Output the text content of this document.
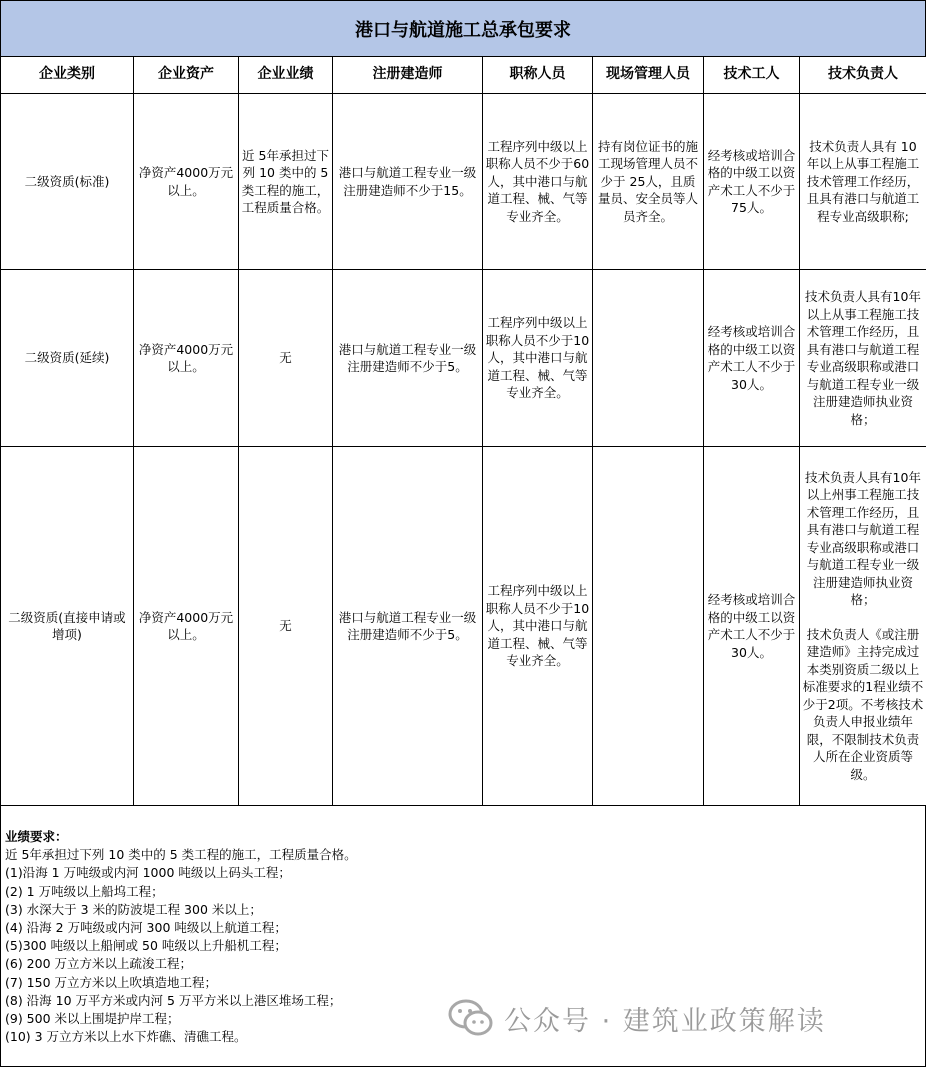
港口与航道施工总承包要求
企业类别	企业资产	企业业绩	注册建造师	职称人员	现场管理人员	技术工人	技术负责人
二级资质(标准)	净资产4000万元以上。	近 5年承担过下列 10 类中的 5 类工程的施工，工程质量合格。	港口与航道工程专业一级注册建造师不少于15。	工程序列中级以上职称人员不少于60人，其中港口与航道工程、械、气等专业齐全。	持有岗位证书的施工现场管理人员不少于 25人，且质量员、安全员等人员齐全。	经考核或培训合格的中级工以资产术工人不少于75人。	技术负责人具有 10 年以上从事工程施工技术管理工作经历，且具有港口与航道工程专业高级职称;
二级资质(延续)	净资产4000万元以上。	无	港口与航道工程专业一级注册建造师不少于5。	工程序列中级以上职称人员不少于10人，其中港口与航道工程、械、气等专业齐全。		经考核或培训合格的中级工以资产术工人不少于30人。	技术负责人具有10年以上从事工程施工技术管理工作经历，且具有港口与航道工程专业高级职称或港口与航道工程专业一级注册建造师执业资格；
二级资质(直接申请或增项)	净资产4000万元以上。	无	港口与航道工程专业一级注册建造师不少于5。	工程序列中级以上职称人员不少于10人，其中港口与航道工程、械、气等专业齐全。		经考核或培训合格的中级工以资产术工人不少于30人。	技术负责人具有10年以上州事工程施工技术管理工作经历，且具有港口与航道工程专业高级职称或港口与航道工程专业一级注册建造师执业资格；
技术负责人《或注册建造师》主持完成过本类别资质二级以上标准要求的1程业绩不少于2项。不考核技术负责人申报业绩年限，不限制技术负责人所在企业资质等级。
业绩要求：
近 5年承担过下列 10 类中的 5 类工程的施工，工程质量合格。
(1)沿海 1 万吨级或内河 1000 吨级以上码头工程；
(2) 1 万吨级以上船坞工程；
(3) 水深大于 3 米的防波堤工程 300 米以上；
(4) 沿海 2 万吨级或内河 300 吨级以上航道工程；
(5)300 吨级以上船闸或 50 吨级以上升船机工程；
(6) 200 万立方米以上疏浚工程；
(7) 150 万立方米以上吹填造地工程；
(8) 沿海 10 万平方米或内河 5 万平方米以上港区堆场工程；
(9) 500 米以上围堤护岸工程；
(10) 3 万立方米以上水下炸礁、清礁工程。
公众号 · 建筑业政策解读
